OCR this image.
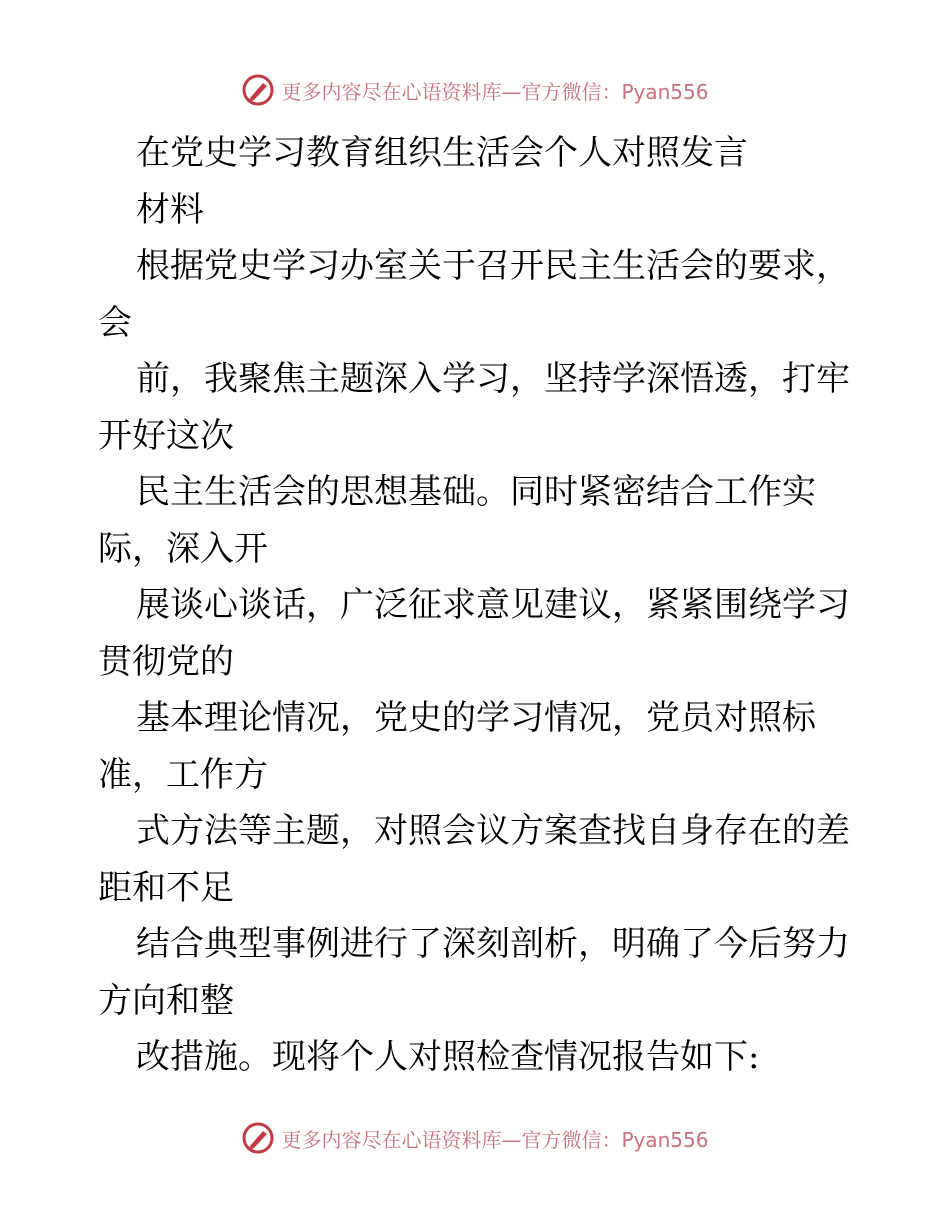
更多内容尽在心语资料库—官方微信：Pyan556
在党史学习教育组织生活会个人对照发言
材料
根据党史学习办室关于召开民主生活会的要求，
会
前，我聚焦主题深入学习，坚持学深悟透，打牢
开好这次
民主生活会的思想基础。同时紧密结合工作实
际，深入开
展谈心谈话，广泛征求意见建议，紧紧围绕学习
贯彻党的
基本理论情况，党史的学习情况，党员对照标
准，工作方
式方法等主题，对照会议方案查找自身存在的差
距和不足
结合典型事例进行了深刻剖析，明确了今后努力
方向和整
改措施。现将个人对照检查情况报告如下:
更多内容尽在心语资料库—官方微信：Pyan556
